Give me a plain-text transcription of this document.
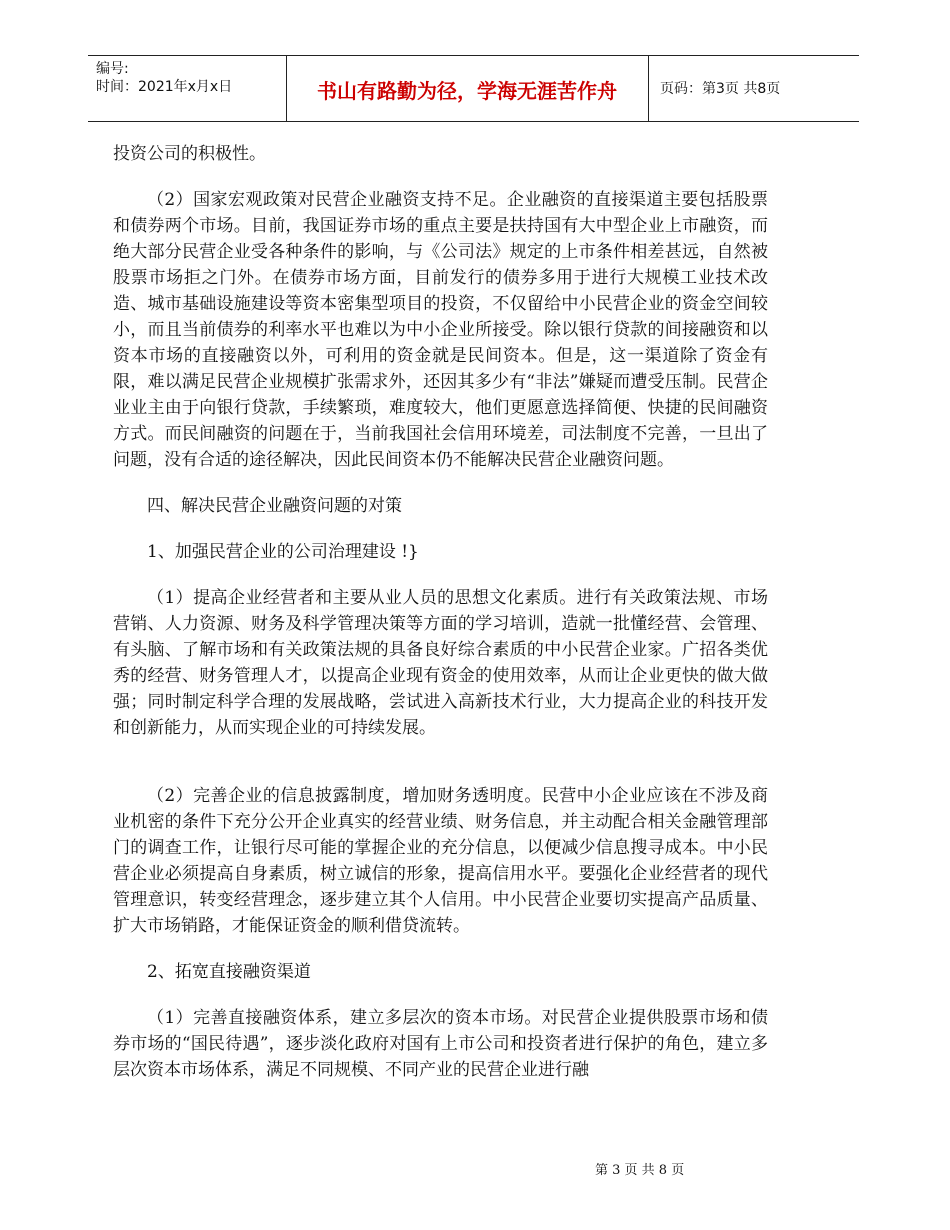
编号:
时间：2021年x月x日	书山有路勤为径，学海无涯苦作舟	页码：第3页 共8页

投资公司的积极性。

（2）国家宏观政策对民营企业融资支持不足。企业融资的直接渠道主要包括股票和债券两个市场。目前，我国证券市场的重点主要是扶持国有大中型企业上市融资，而绝大部分民营企业受各种条件的影响，与《公司法》规定的上市条件相差甚远，自然被股票市场拒之门外。在债券市场方面，目前发行的债券多用于进行大规模工业技术改造、城市基础设施建设等资本密集型项目的投资，不仅留给中小民营企业的资金空间较小，而且当前债券的利率水平也难以为中小企业所接受。除以银行贷款的间接融资和以资本市场的直接融资以外，可利用的资金就是民间资本。但是，这一渠道除了资金有限，难以满足民营企业规模扩张需求外，还因其多少有“非法”嫌疑而遭受压制。民营企业业主由于向银行贷款，手续繁琐，难度较大，他们更愿意选择简便、快捷的民间融资方式。而民间融资的问题在于，当前我国社会信用环境差，司法制度不完善，一旦出了问题，没有合适的途径解决，因此民间资本仍不能解决民营企业融资问题。

四、解决民营企业融资问题的对策

1、加强民营企业的公司治理建设 !}

（1）提高企业经营者和主要从业人员的思想文化素质。进行有关政策法规、市场营销、人力资源、财务及科学管理决策等方面的学习培训，造就一批懂经营、会管理、有头脑、了解市场和有关政策法规的具备良好综合素质的中小民营企业家。广招各类优秀的经营、财务管理人才，以提高企业现有资金的使用效率，从而让企业更快的做大做强；同时制定科学合理的发展战略，尝试进入高新技术行业，大力提高企业的科技开发和创新能力，从而实现企业的可持续发展。

（2）完善企业的信息披露制度，增加财务透明度。民营中小企业应该在不涉及商业机密的条件下充分公开企业真实的经营业绩、财务信息，并主动配合相关金融管理部门的调查工作，让银行尽可能的掌握企业的充分信息，以便减少信息搜寻成本。中小民营企业必须提高自身素质，树立诚信的形象，提高信用水平。要强化企业经营者的现代管理意识，转变经营理念，逐步建立其个人信用。中小民营企业要切实提高产品质量、扩大市场销路，才能保证资金的顺利借贷流转。

2、拓宽直接融资渠道

（1）完善直接融资体系，建立多层次的资本市场。对民营企业提供股票市场和债券市场的“国民待遇”，逐步淡化政府对国有上市公司和投资者进行保护的角色，建立多层次资本市场体系，满足不同规模、不同产业的民营企业进行融

第 3 页 共 8 页
